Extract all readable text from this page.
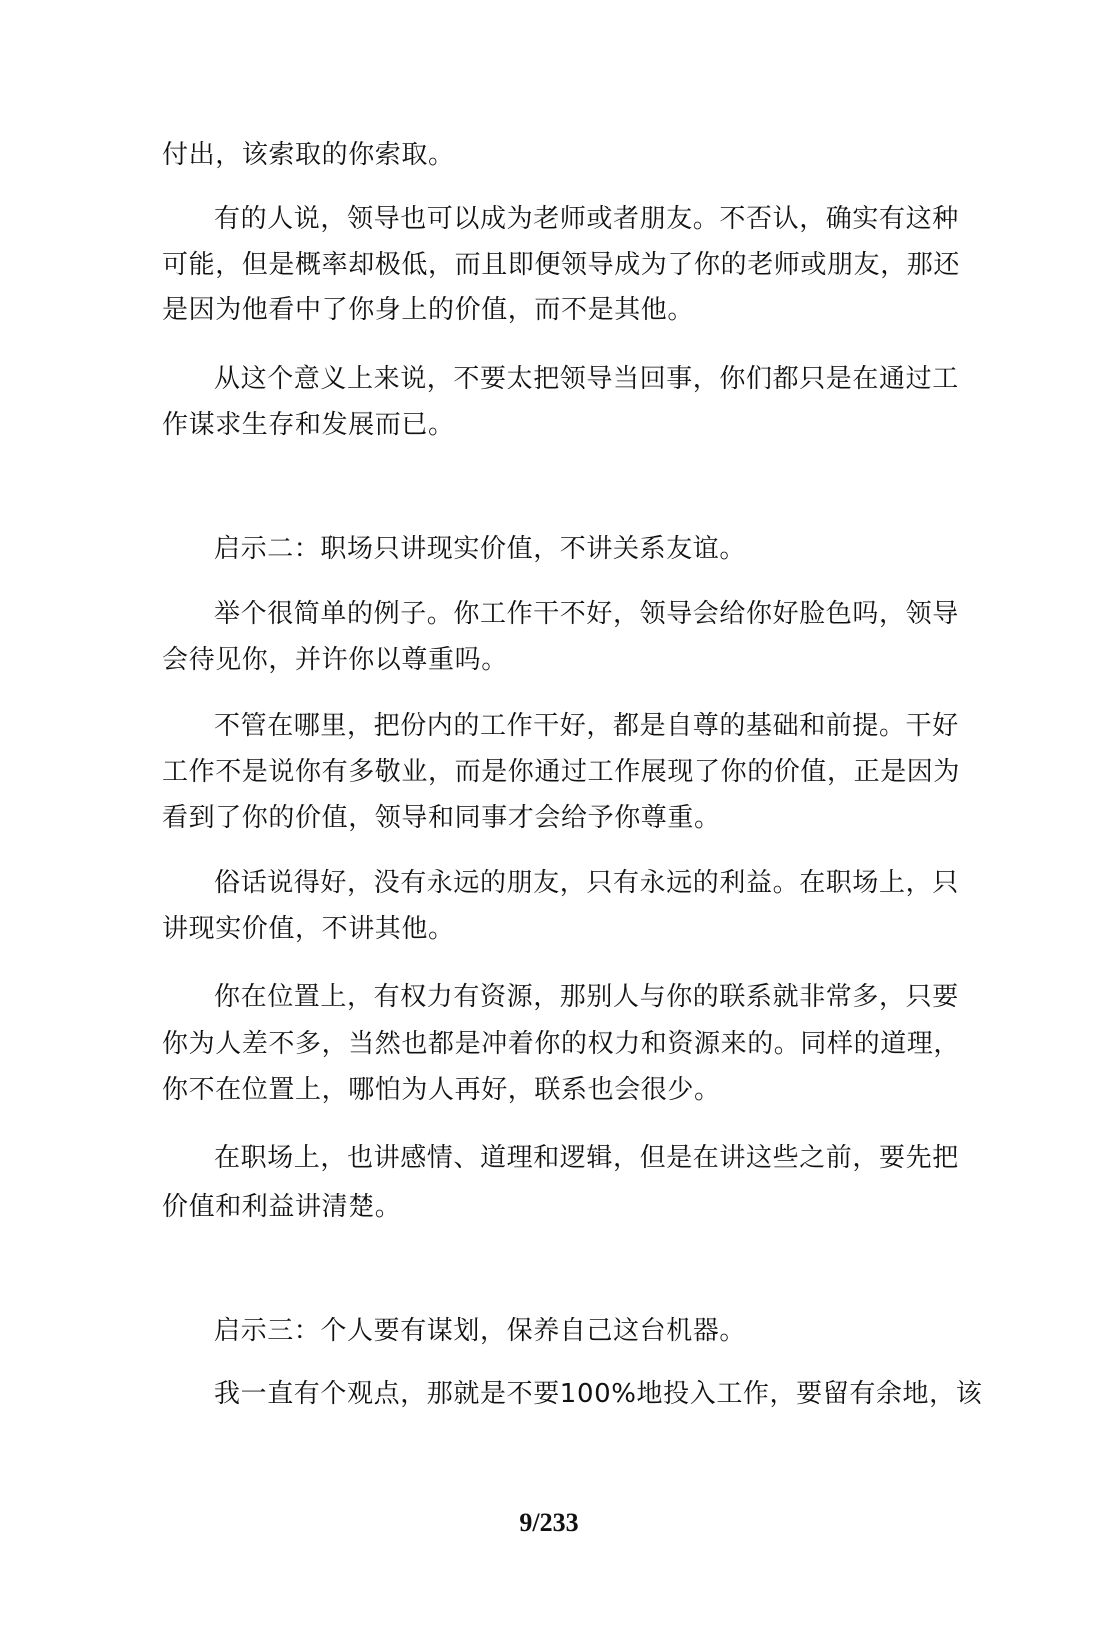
付出，该索取的你索取。
有的人说，领导也可以成为老师或者朋友。不否认，确实有这种
可能，但是概率却极低，而且即便领导成为了你的老师或朋友，那还
是因为他看中了你身上的价值，而不是其他。
从这个意义上来说，不要太把领导当回事，你们都只是在通过工
作谋求生存和发展而已。
启示二：职场只讲现实价值，不讲关系友谊。
举个很简单的例子。你工作干不好，领导会给你好脸色吗，领导
会待见你，并许你以尊重吗。
不管在哪里，把份内的工作干好，都是自尊的基础和前提。干好
工作不是说你有多敬业，而是你通过工作展现了你的价值，正是因为
看到了你的价值，领导和同事才会给予你尊重。
俗话说得好，没有永远的朋友，只有永远的利益。在职场上，只
讲现实价值，不讲其他。
你在位置上，有权力有资源，那别人与你的联系就非常多，只要
你为人差不多，当然也都是冲着你的权力和资源来的。同样的道理，
你不在位置上，哪怕为人再好，联系也会很少。
在职场上，也讲感情、道理和逻辑，但是在讲这些之前，要先把
价值和利益讲清楚。
启示三：个人要有谋划，保养自己这台机器。
我一直有个观点，那就是不要100%地投入工作，要留有余地，该
9/233
